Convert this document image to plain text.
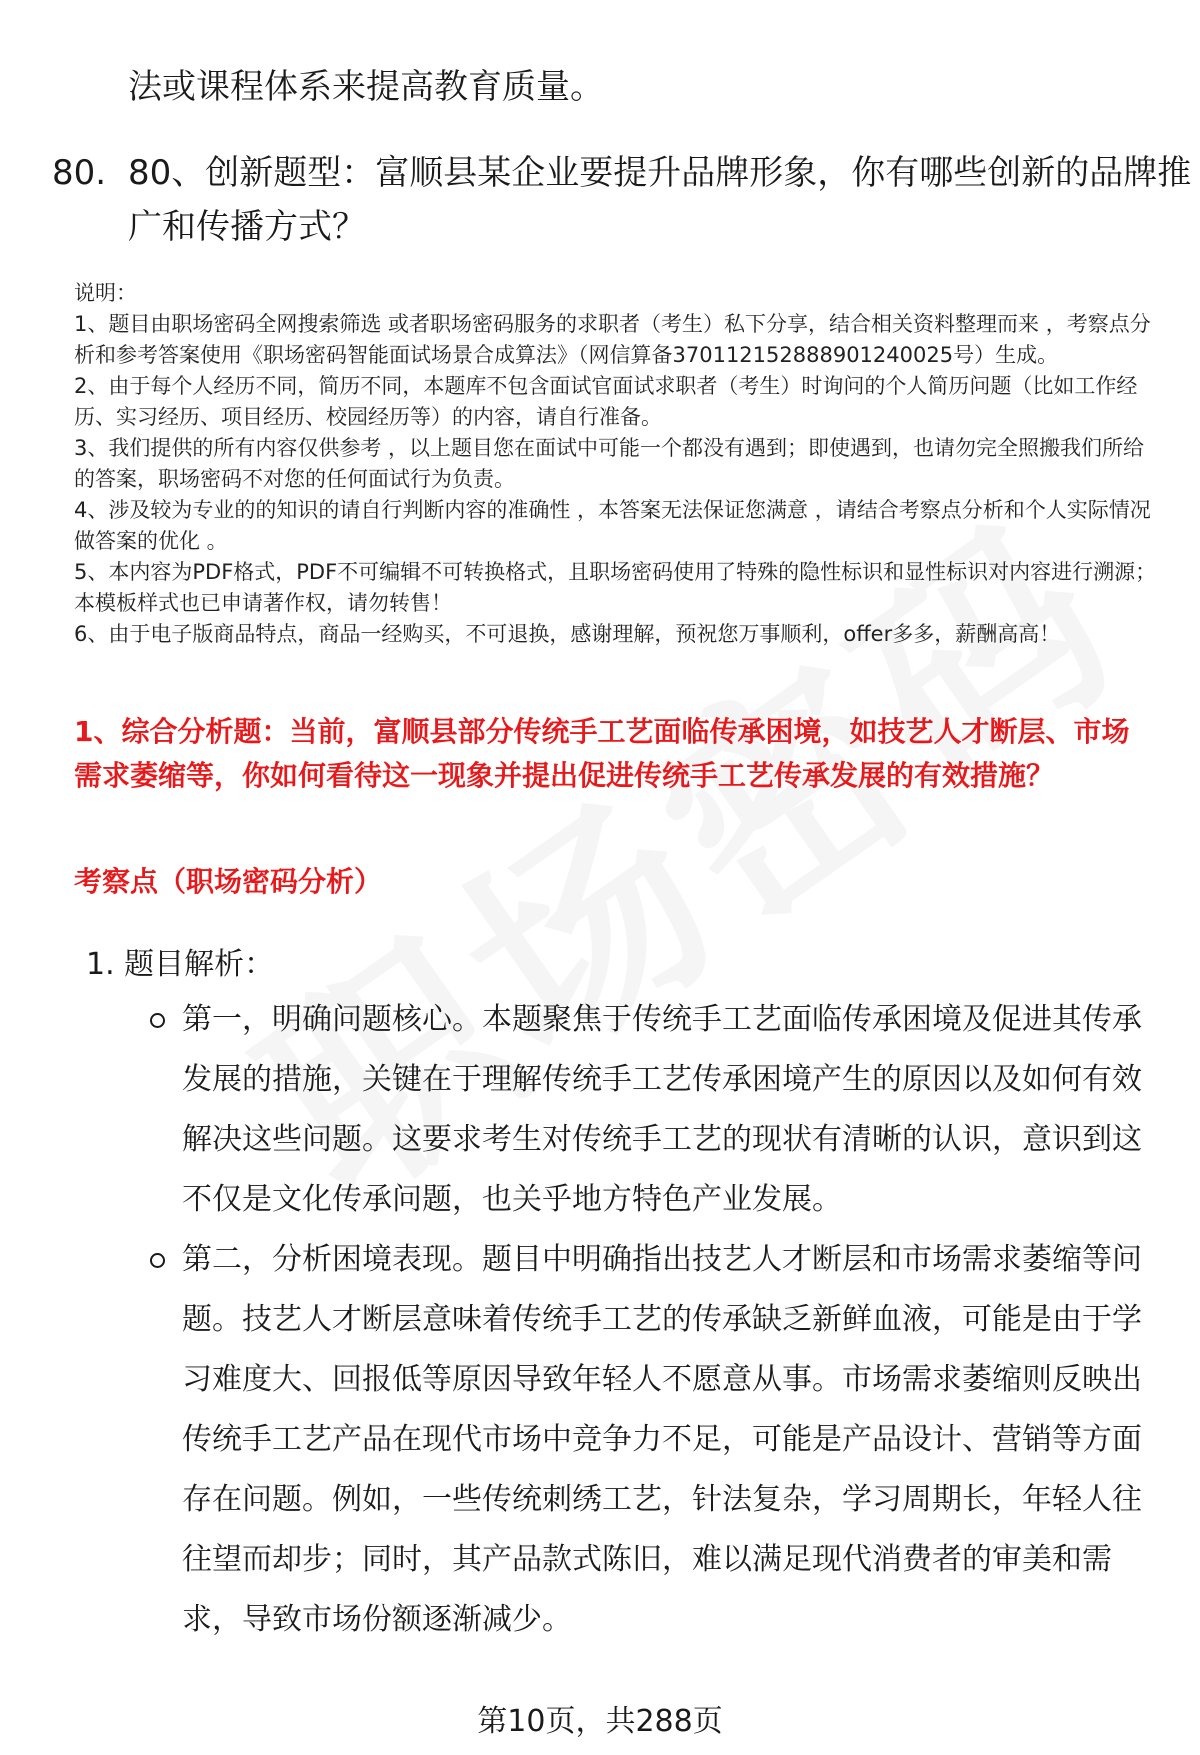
法或课程体系来提高教育质量。
80. 80、创新题型：富顺县某企业要提升品牌形象，你有哪些创新的品牌推广和传播方式？

说明：

1、题目由职场密码全网搜索筛选 或者职场密码服务的求职者（考生）私下分享，结合相关资料整理而来 ，考察点分析和参考答案使用《职场密码智能面试场景合成算法》（网信算备370112152888901240025号）生成。

2、由于每个人经历不同，简历不同，本题库不包含面试官面试求职者（考生）时询问的个人简历问题（比如工作经历、实习经历、项目经历、校园经历等）的内容，请自行准备。

3、我们提供的所有内容仅供参考 ，以上题目您在面试中可能一个都没有遇到；即使遇到，也请勿完全照搬我们所给的答案，职场密码不对您的任何面试行为负责。

4、涉及较为专业的的知识的请自行判断内容的准确性 ，本答案无法保证您满意 ，请结合考察点分析和个人实际情况做答案的优化 。

5、本内容为PDF格式，PDF不可编辑不可转换格式，且职场密码使用了特殊的隐性标识和显性标识对内容进行溯源；本模板样式也已申请著作权，请勿转售！

6、由于电子版商品特点，商品一经购买，不可退换，感谢理解，预祝您万事顺利，offer多多，薪酬高高！

1、综合分析题：当前，富顺县部分传统手工艺面临传承困境，如技艺人才断层、市场需求萎缩等，你如何看待这一现象并提出促进传统手工艺传承发展的有效措施？
考察点（职场密码分析）
1. 题目解析：
第一，明确问题核心。本题聚焦于传统手工艺面临传承困境及促进其传承发展的措施，关键在于理解传统手工艺传承困境产生的原因以及如何有效解决这些问题。这要求考生对传统手工艺的现状有清晰的认识，意识到这不仅是文化传承问题，也关乎地方特色产业发展。
第二，分析困境表现。题目中明确指出技艺人才断层和市场需求萎缩等问题。技艺人才断层意味着传统手工艺的传承缺乏新鲜血液，可能是由于学习难度大、回报低等原因导致年轻人不愿意从事。市场需求萎缩则反映出传统手工艺产品在现代市场中竞争力不足，可能是产品设计、营销等方面存在问题。例如，一些传统刺绣工艺，针法复杂，学习周期长，年轻人往往望而却步；同时，其产品款式陈旧，难以满足现代消费者的审美和需求，导致市场份额逐渐减少。
第10页，共288页
